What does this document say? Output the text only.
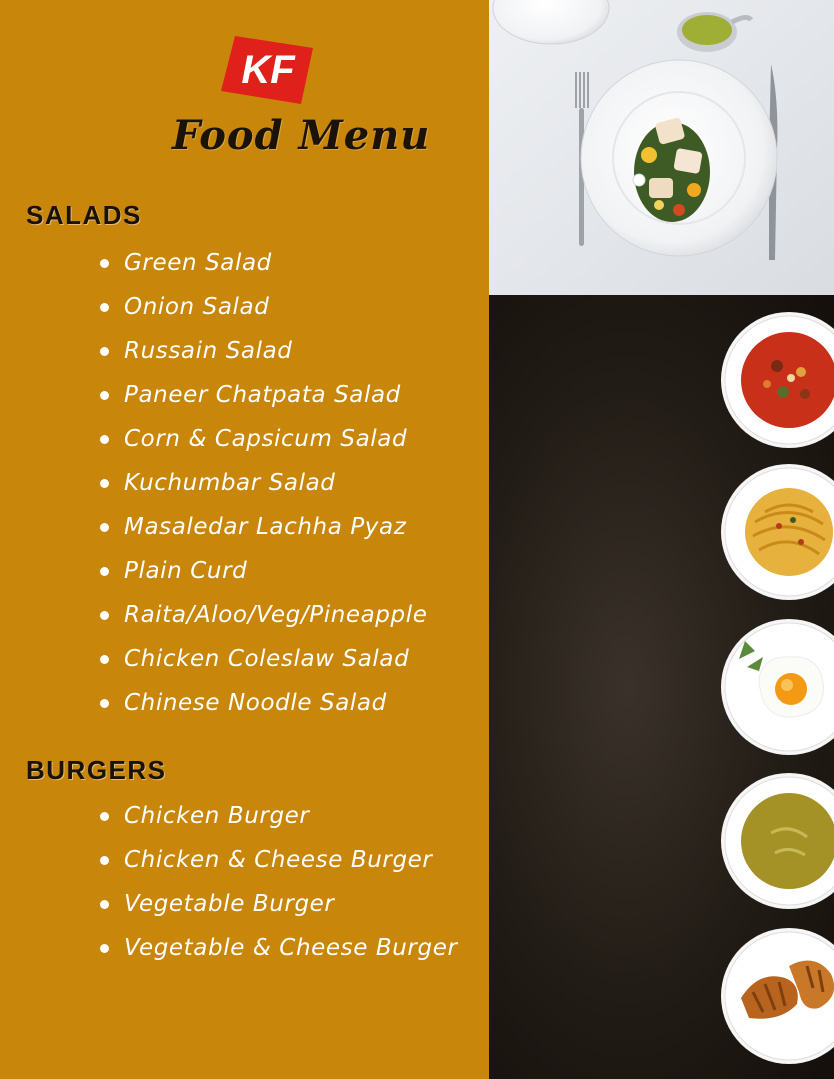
KF
Food Menu
SALADS
Green Salad
Onion Salad
Russain Salad
Paneer Chatpata Salad
Corn & Capsicum Salad
Kuchumbar Salad
Masaledar Lachha Pyaz
Plain Curd
Raita/Aloo/Veg/Pineapple
Chicken Coleslaw Salad
Chinese Noodle Salad
BURGERS
Chicken Burger
Chicken & Cheese Burger
Vegetable Burger
Vegetable & Cheese Burger
